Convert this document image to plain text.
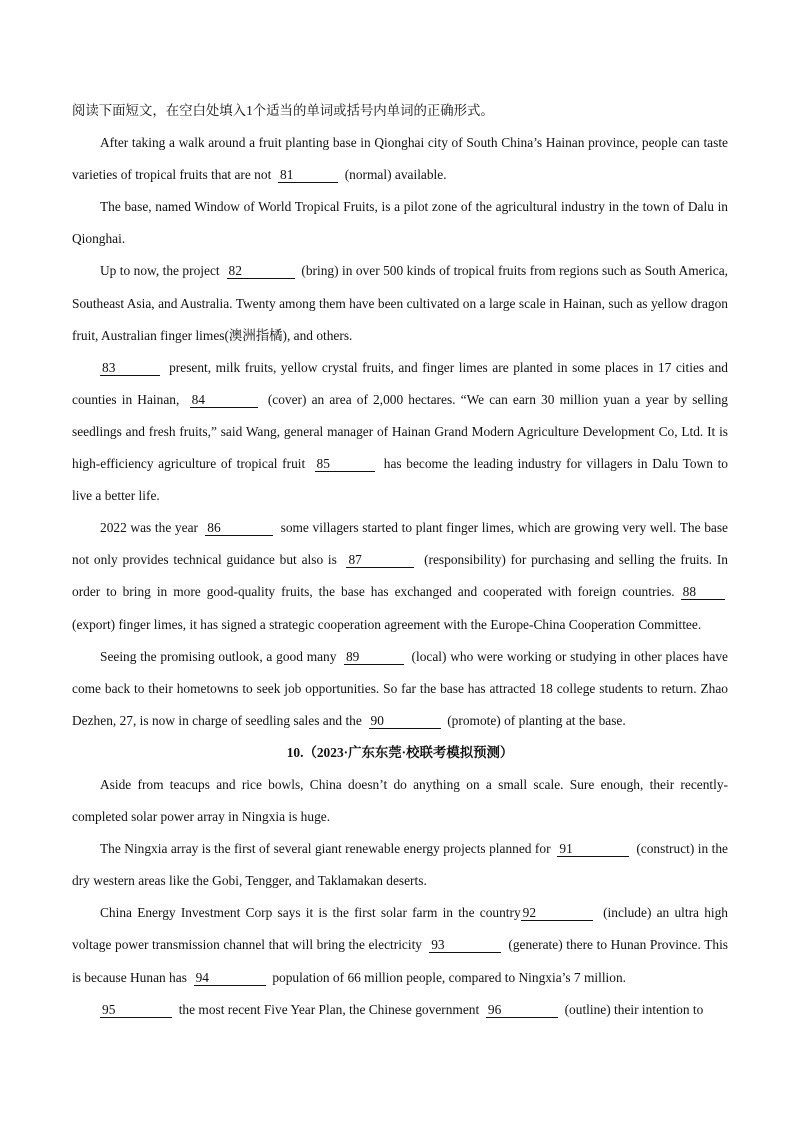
阅读下面短文，在空白处填入1个适当的单词或括号内单词的正确形式。

After taking a walk around a fruit planting base in Qionghai city of South China’s Hainan province, people can taste varieties of tropical fruits that are not 81	(normal) available.

The base, named Window of World Tropical Fruits, is a pilot zone of the agricultural industry in the town of Dalu in Qionghai.

Up to now, the project 82	(bring) in over 500 kinds of tropical fruits from regions such as South America, Southeast Asia, and Australia. Twenty among them have been cultivated on a large scale in Hainan, such as yellow dragon fruit, Australian finger limes(澳洲指橘), and others.

83	present, milk fruits, yellow crystal fruits, and finger limes are planted in some places in 17 cities and counties in Hainan, 84	(cover) an area of 2,000 hectares. “We can earn 30 million yuan a year by selling seedlings and fresh fruits,” said Wang, general manager of Hainan Grand Modern Agriculture Development Co, Ltd. It is high-efficiency agriculture of tropical fruit 85	has become the leading industry for villagers in Dalu Town to live a better life.

2022 was the year 86	some villagers started to plant finger limes, which are growing very well. The base not only provides technical guidance but also is 87	(responsibility) for purchasing and selling the fruits. In order to bring in more good-quality fruits, the base has exchanged and cooperated with foreign countries. 88  (export) finger limes, it has signed a strategic cooperation agreement with the Europe-China Cooperation Committee.

Seeing the promising outlook, a good many 89	(local) who were working or studying in other places have come back to their hometowns to seek job opportunities. So far the base has attracted 18 college students to return. Zhao Dezhen, 27, is now in charge of seedling sales and the 90	(promote) of planting at the base.

10.（2023·广东东莞·校联考模拟预测）

Aside from teacups and rice bowls, China doesn’t do anything on a small scale. Sure enough, their recently-completed solar power array in Ningxia is huge.

The Ningxia array is the first of several giant renewable energy projects planned for 91	(construct) in the dry western areas like the Gobi, Tengger, and Taklamakan deserts.

China Energy Investment Corp says it is the first solar farm in the country 92	(include) an ultra high voltage power transmission channel that will bring the electricity 93	(generate) there to Hunan Province. This is because Hunan has 94	population of 66 million people, compared to Ningxia’s 7 million.

95	the most recent Five Year Plan, the Chinese government 96	(outline) their intention to
